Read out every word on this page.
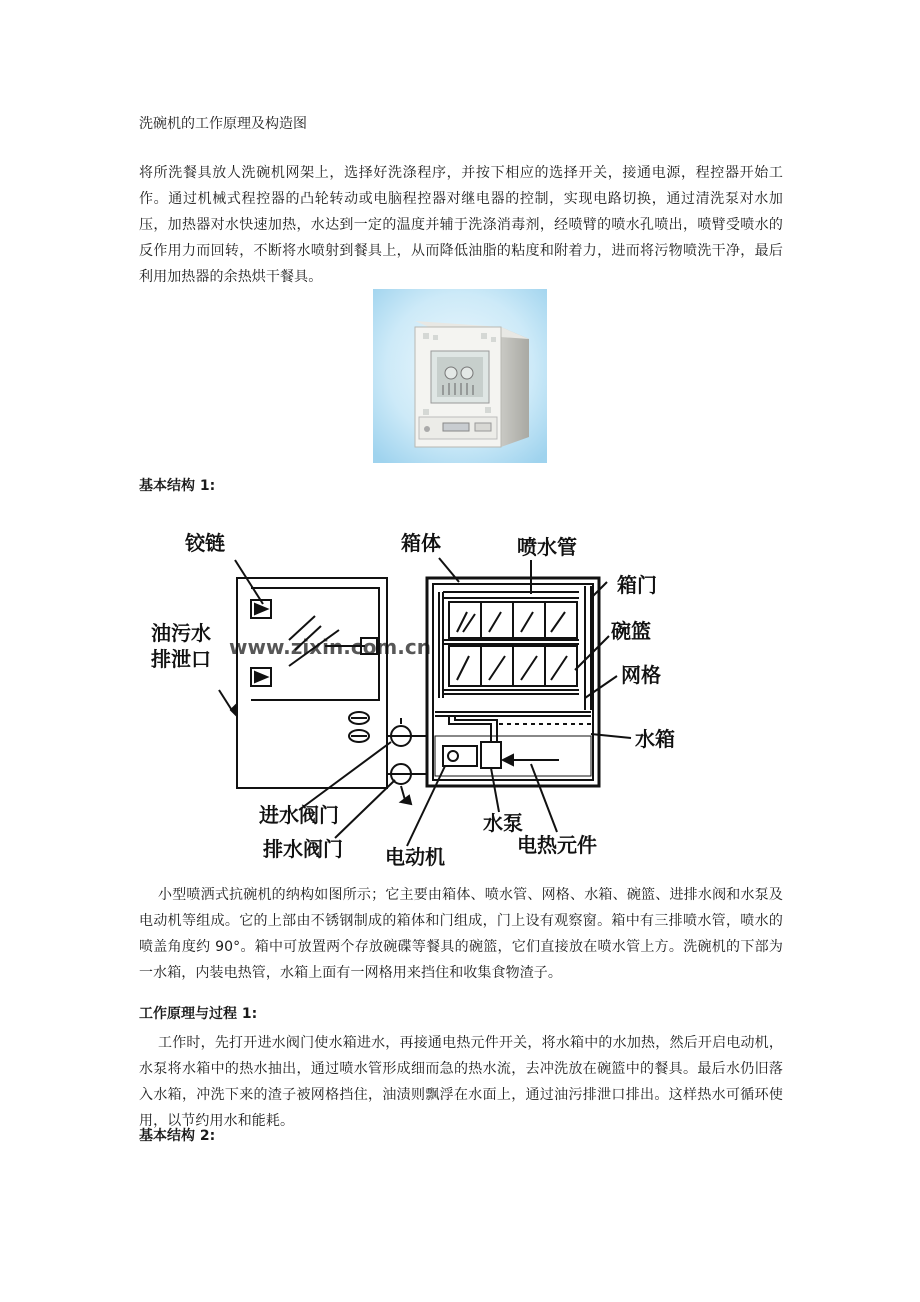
洗碗机的工作原理及构造图
将所洗餐具放人洗碗机网架上，选择好洗涤程序，并按下相应的选择开关，接通电源，程控器开始工作。通过机械式程控器的凸轮转动或电脑程控器对继电器的控制，实现电路切换，通过清洗泵对水加压，加热器对水快速加热，水达到一定的温度并辅于洗涤消毒剂，经喷臂的喷水孔喷出，喷臂受喷水的反作用力而回转，不断将水喷射到餐具上，从而降低油脂的粘度和附着力，进而将污物喷洗干净，最后利用加热器的余热烘干餐具。
基本结构 1:
www.zixin.com.cn
铰链
油污水
排泄口
箱体	喷水管
箱门
碗篮
网格
水箱
进水阀门
排水阀门 电动机
水泵
电热元件
小型喷洒式抗碗机的纳构如图所示；它主要由箱体、喷水管、网格、水箱、碗篮、进排水阀和水泵及电动机等组成。它的上部由不锈钢制成的箱体和门组成，门上设有观察窗。箱中有三排喷水管，喷水的喷盖角度约 90°。箱中可放置两个存放碗碟等餐具的碗篮，它们直接放在喷水管上方。洗碗机的下部为一水箱，内装电热管，水箱上面有一网格用来挡住和收集食物渣子。
工作原理与过程 1:
工作时，先打开进水阀门使水箱进水，再接通电热元件开关，将水箱中的水加热，然后开启电动机，水泵将水箱中的热水抽出，通过喷水管形成细而急的热水流，去冲洗放在碗篮中的餐具。最后水仍旧落入水箱，冲洗下来的渣子被网格挡住，油渍则飘浮在水面上，通过油污排泄口排出。这样热水可循环使用，以节约用水和能耗。
基本结构 2:
